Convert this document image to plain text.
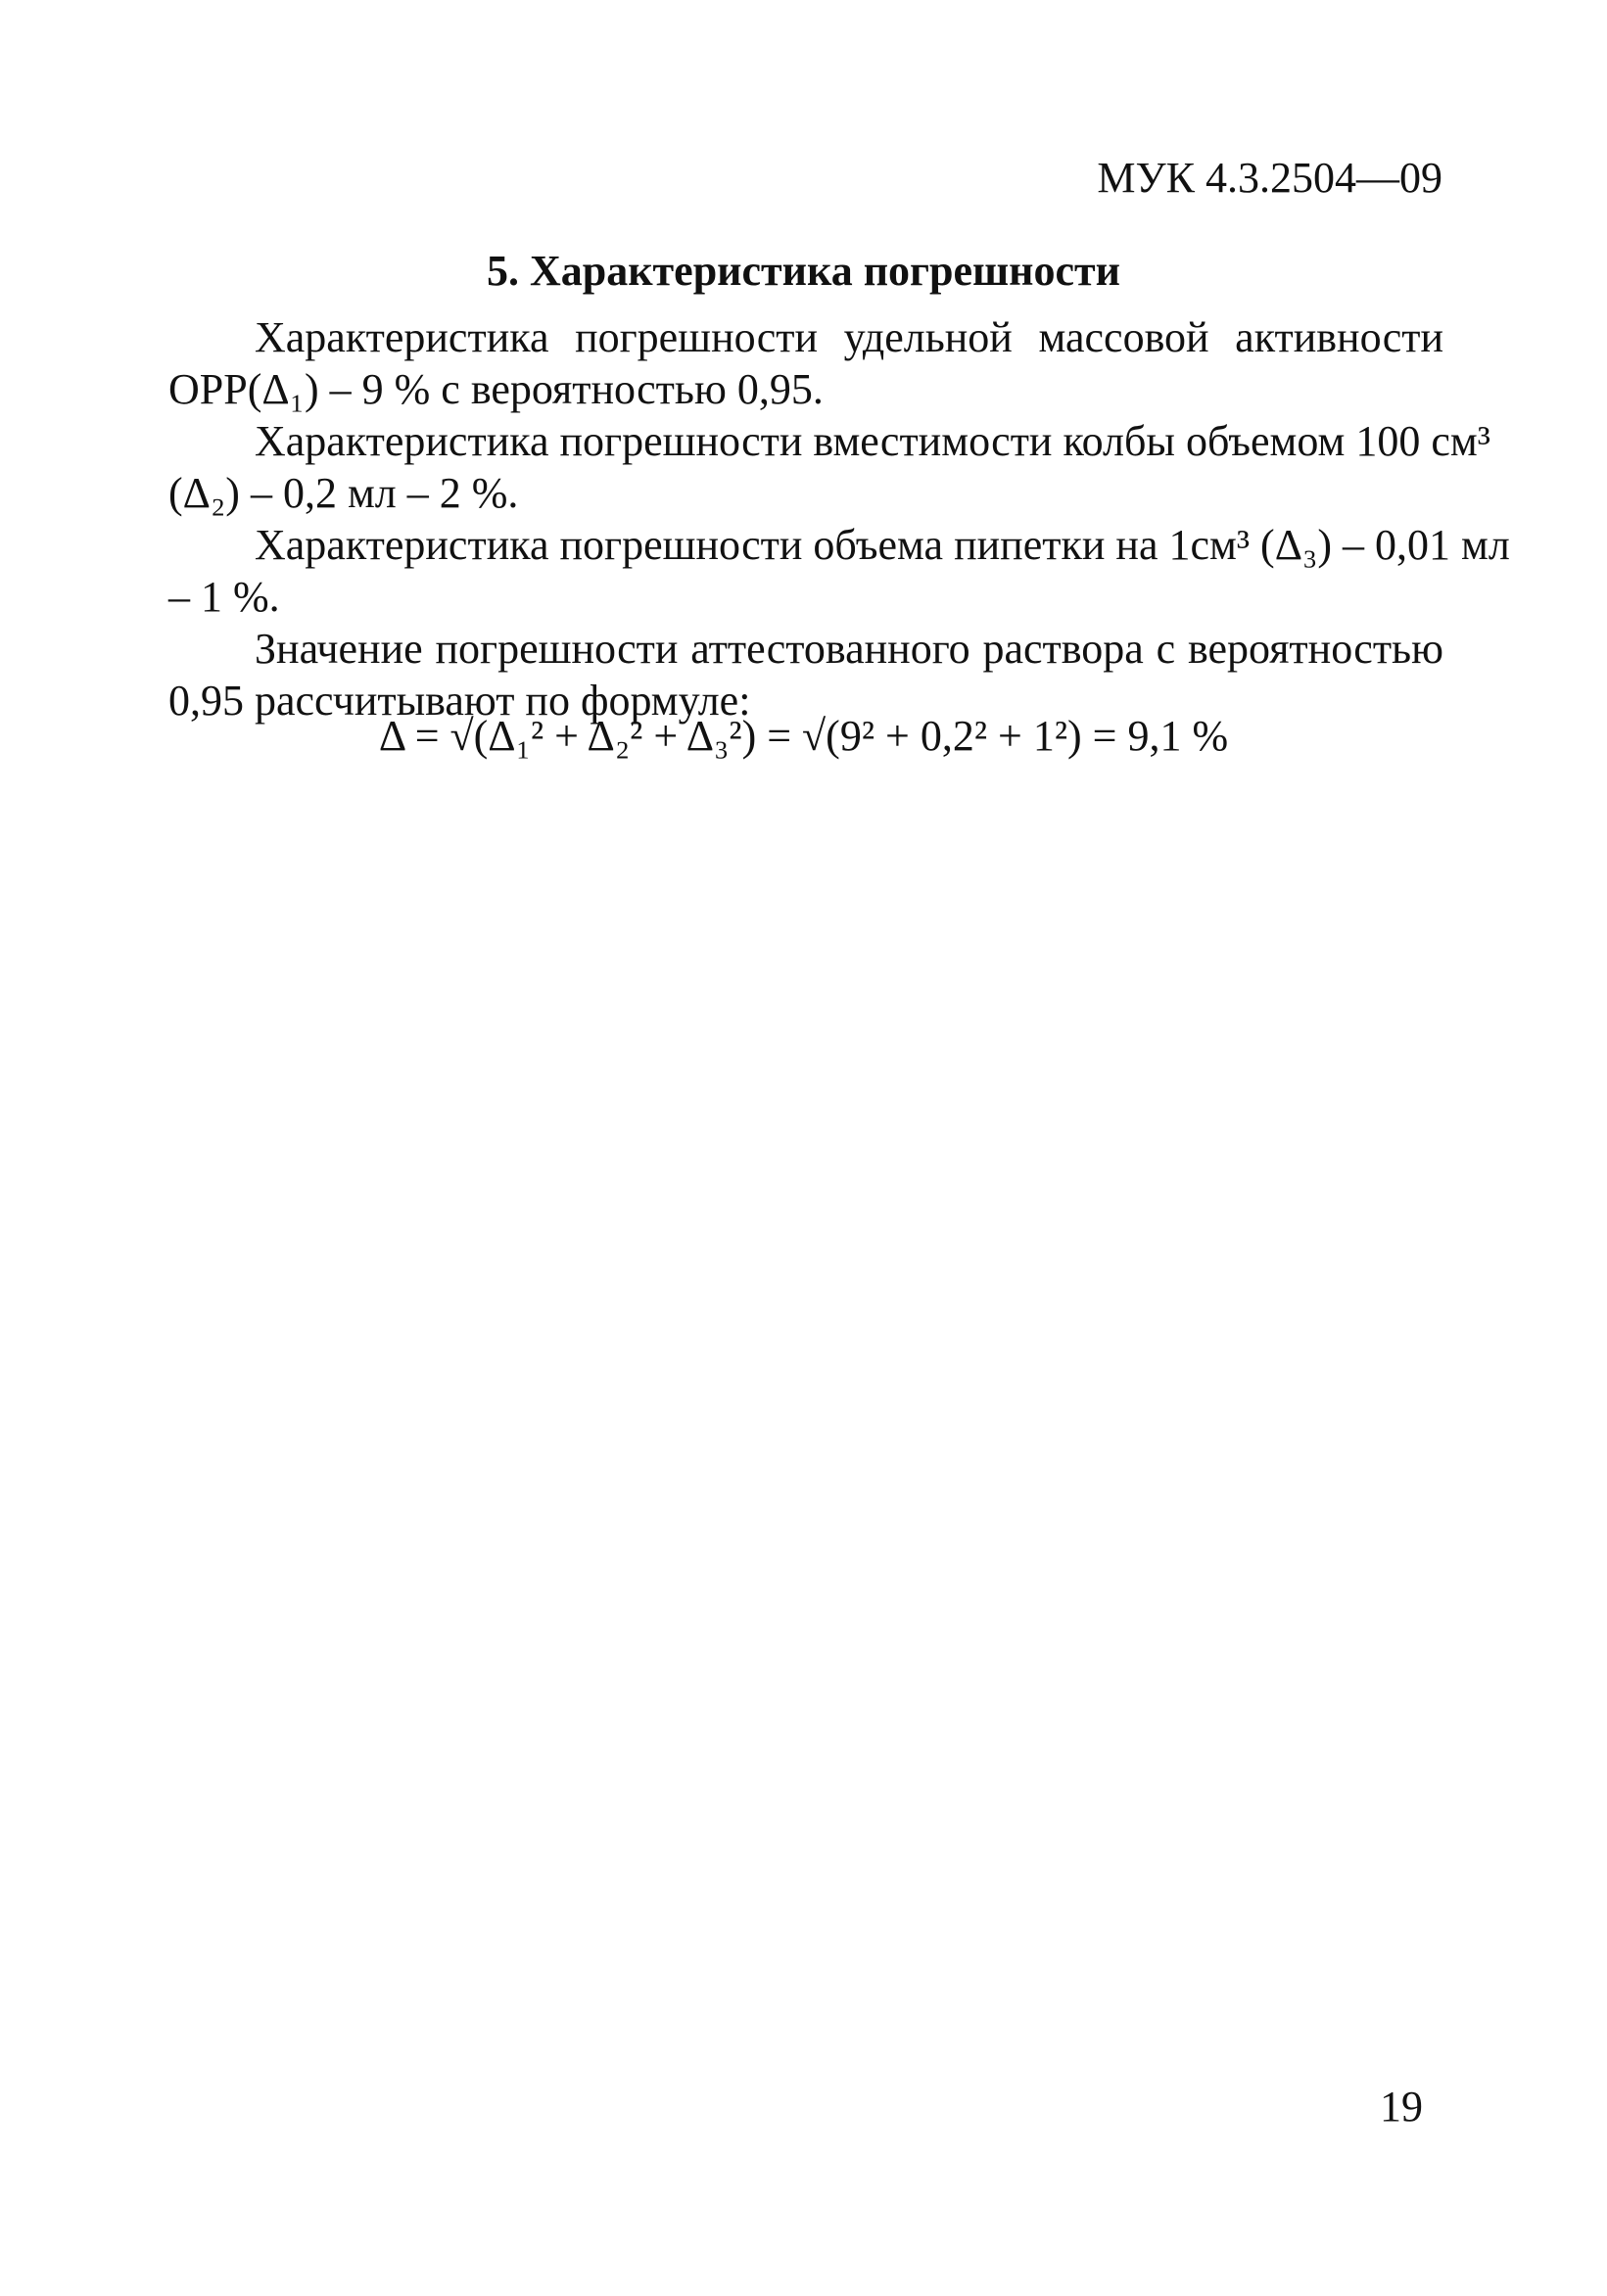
МУК 4.3.2504—09
5. Характеристика погрешности
Характеристика погрешности удельной массовой активности
ОРР(Δ₁) – 9 % с вероятностью 0,95.
Характеристика погрешности вместимости колбы объемом 100 см³
(Δ₂) – 0,2 мл – 2 %.
Характеристика погрешности объема пипетки на 1см³ (Δ₃) – 0,01 мл
– 1 %.
Значение погрешности аттестованного раствора с вероятностью
0,95 рассчитывают по формуле:
Δ = √(Δ₁² + Δ₂² + Δ₃²) = √(9² + 0,2² + 1²) = 9,1 %
19
